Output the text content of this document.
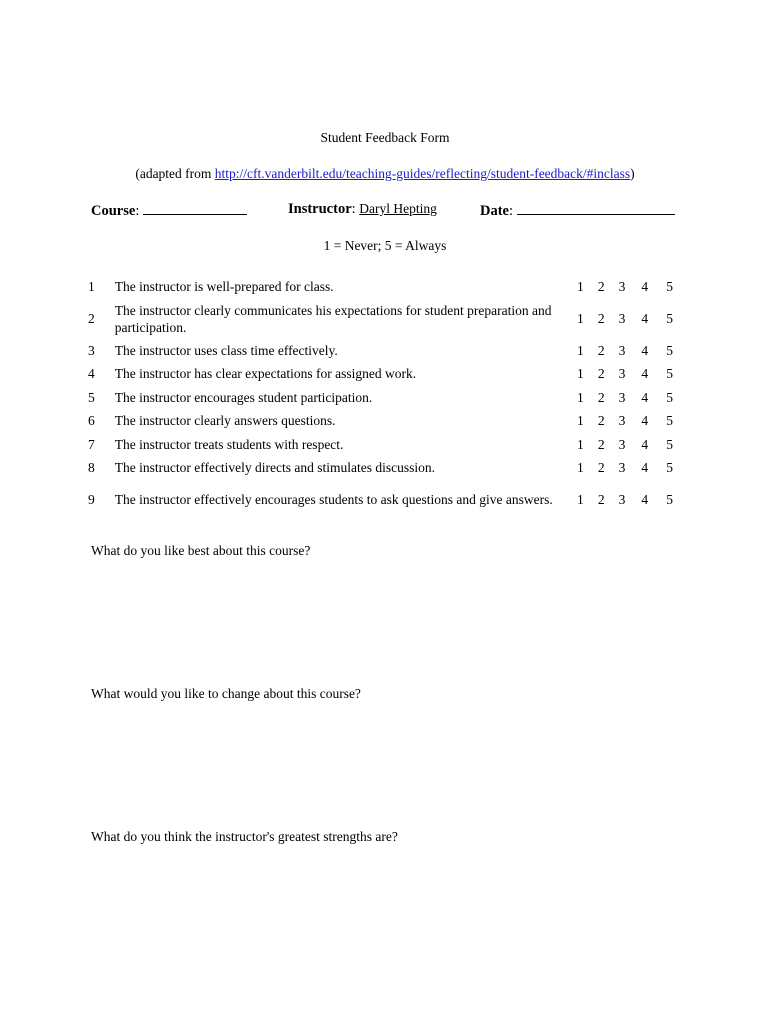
Student Feedback Form
(adapted from http://cft.vanderbilt.edu/teaching-guides/reflecting/student-feedback/#inclass)
Course:	Instructor: Daryl Hepting	Date:
1 = Never; 5 = Always
1	The instructor is well-prepared for class.	1	2	3	4	5
2	The instructor clearly communicates his expectations for student preparation and participation.	1	2	3	4	5
3	The instructor uses class time effectively.	1	2	3	4	5
4	The instructor has clear expectations for assigned work.	1	2	3	4	5
5	The instructor encourages student participation.	1	2	3	4	5
6	The instructor clearly answers questions.	1	2	3	4	5
7	The instructor treats students with respect.	1	2	3	4	5
8	The instructor effectively directs and stimulates discussion.	1	2	3	4	5
9	The instructor effectively encourages students to ask questions and give answers.	1	2	3	4	5
What do you like best about this course?
What would you like to change about this course?
What do you think the instructor's greatest strengths are?
